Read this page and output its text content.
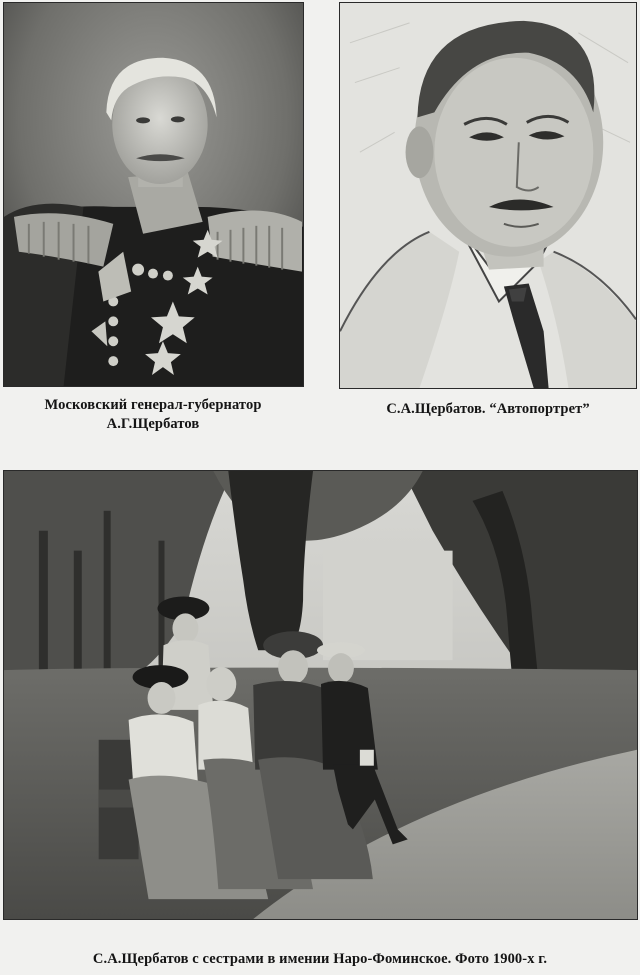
Московский генерал-губернатор
А.Г.Щербатов
С.А.Щербатов. “Автопортрет”
С.А.Щербатов с сестрами в имении Наро-Фоминское. Фото 1900-х г.
